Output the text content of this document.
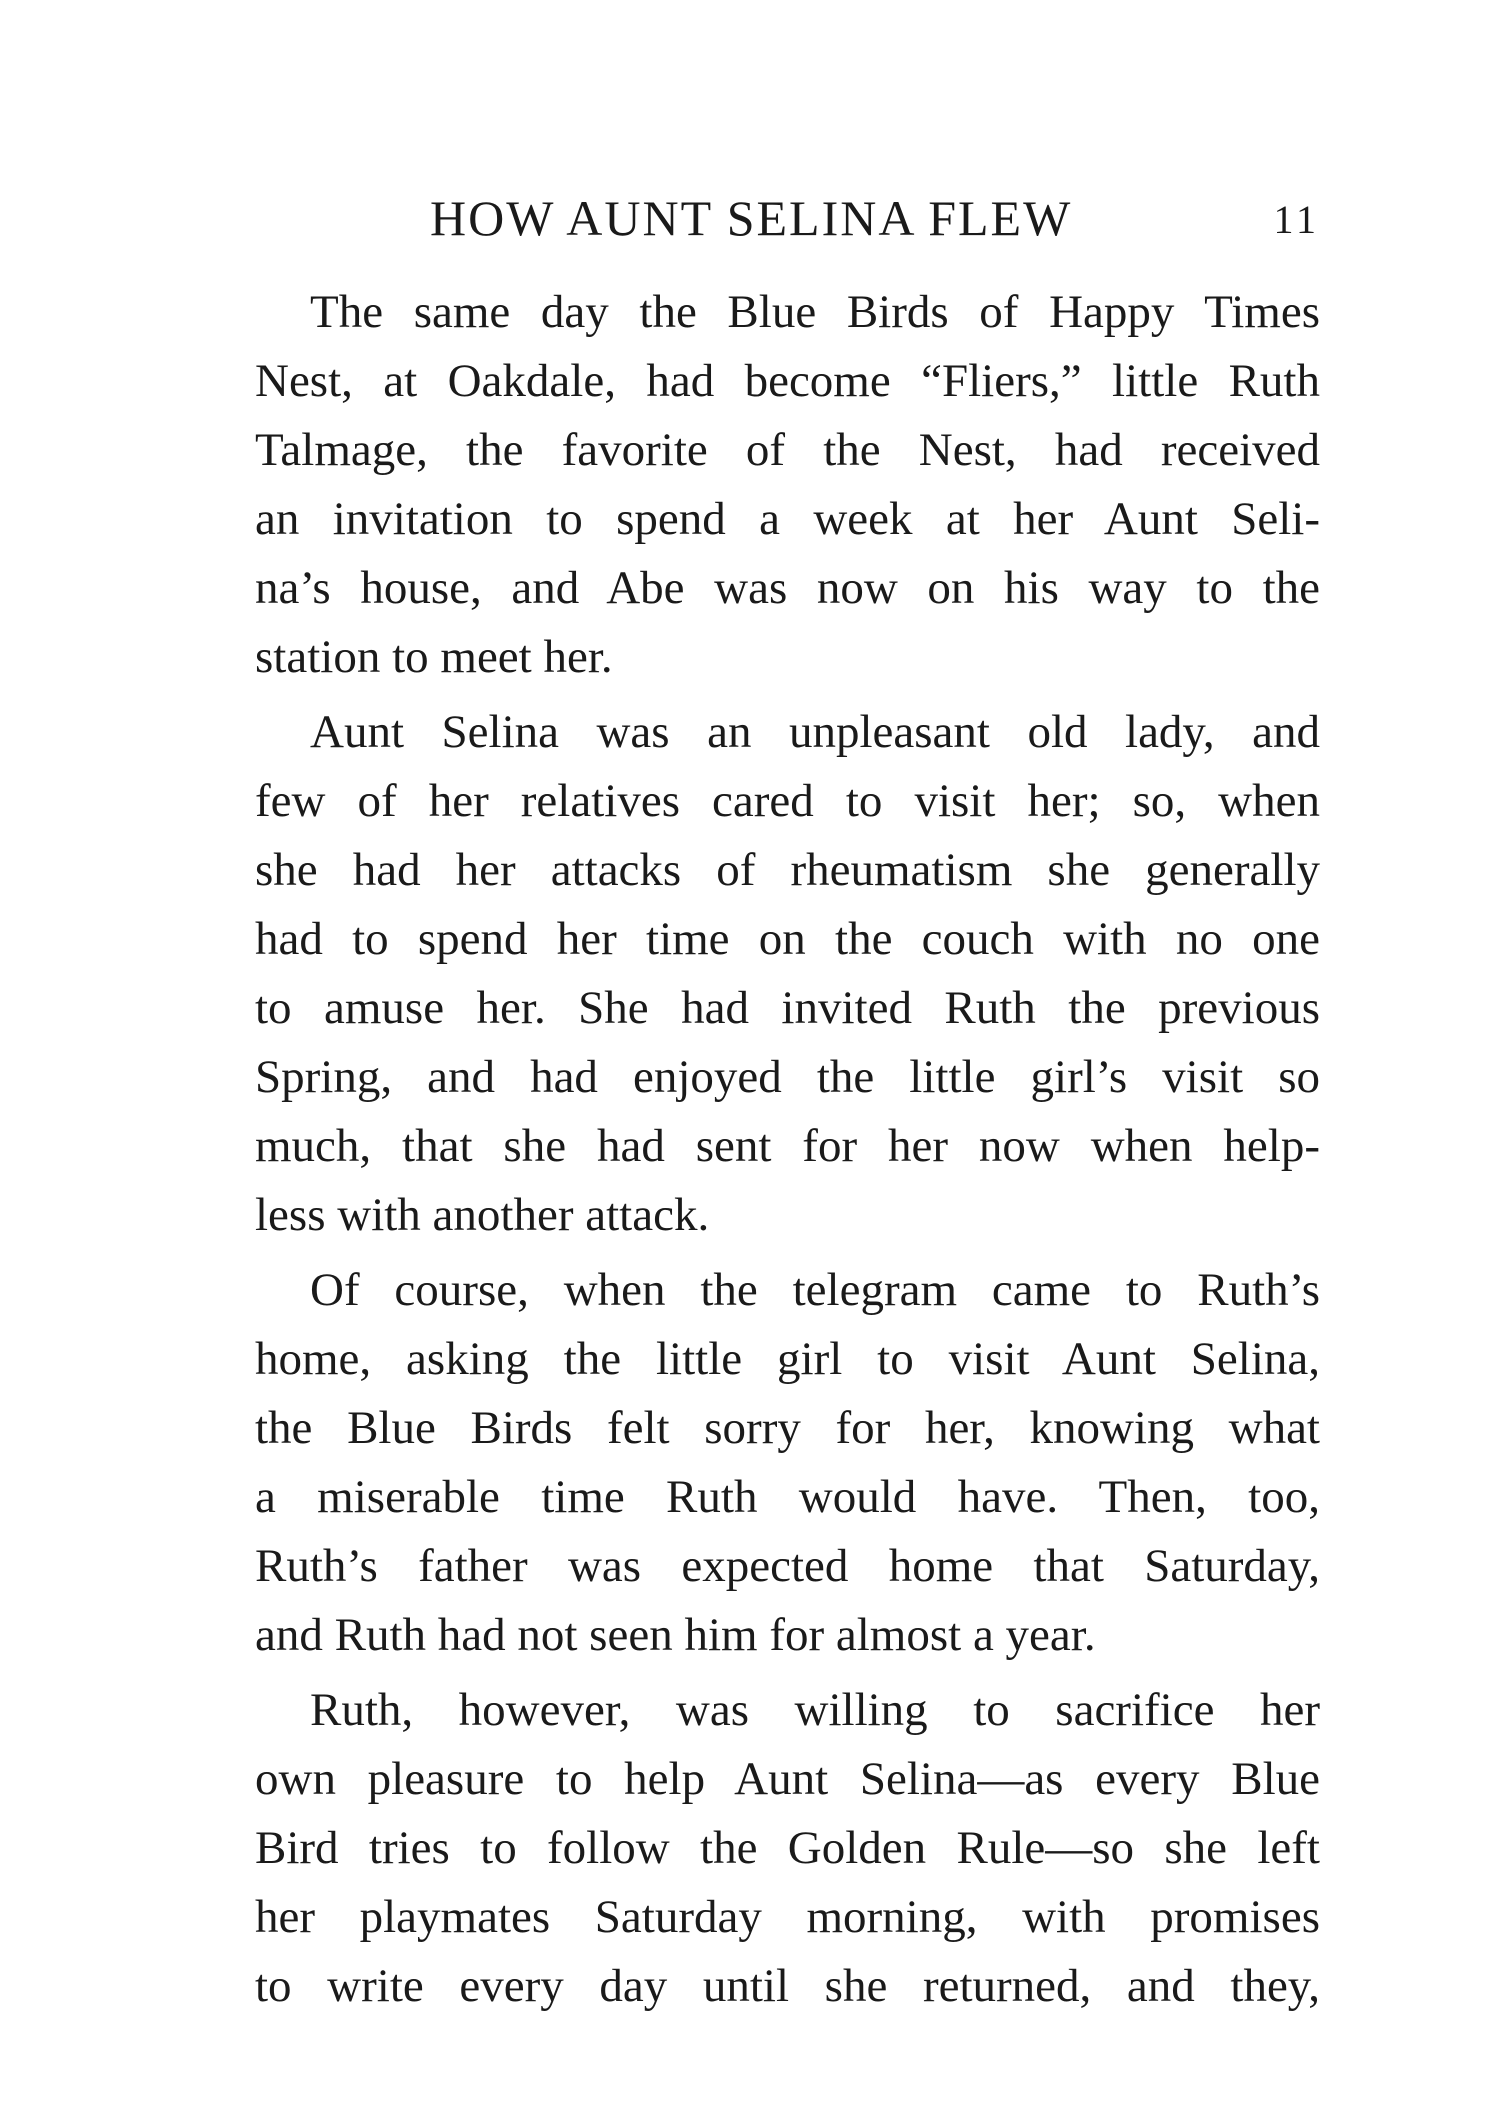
HOW AUNT SELINA FLEW	11
The same day the Blue Birds of Happy Times
Nest, at Oakdale, had become “Fliers,” little Ruth
Talmage, the favorite of the Nest, had received
an invitation to spend a week at her Aunt Seli-
na’s house, and Abe was now on his way to the
station to meet her.
Aunt Selina was an unpleasant old lady, and
few of her relatives cared to visit her; so, when
she had her attacks of rheumatism she generally
had to spend her time on the couch with no one
to amuse her. She had invited Ruth the previous
Spring, and had enjoyed the little girl’s visit so
much, that she had sent for her now when help-
less with another attack.
Of course, when the telegram came to Ruth’s
home, asking the little girl to visit Aunt Selina,
the Blue Birds felt sorry for her, knowing what
a miserable time Ruth would have. Then, too,
Ruth’s father was expected home that Saturday,
and Ruth had not seen him for almost a year.
Ruth, however, was willing to sacrifice her
own pleasure to help Aunt Selina—as every Blue
Bird tries to follow the Golden Rule—so she left
her playmates Saturday morning, with promises
to write every day until she returned, and they,
